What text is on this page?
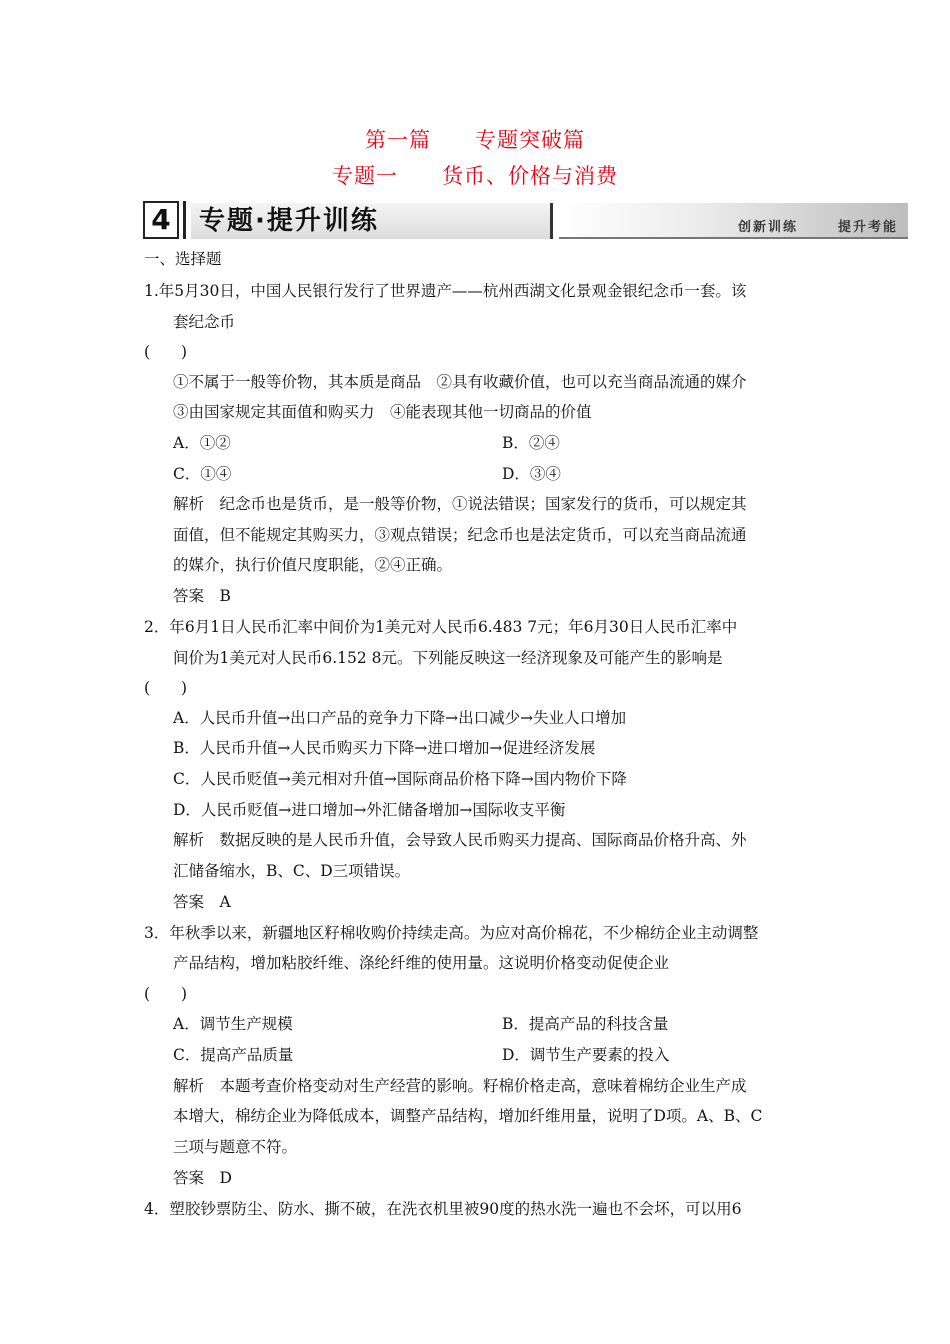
第一篇 专题突破篇
专题一 货币、价格与消费
4	专题·提升训练	创新训练	提升考能
一、选择题
1.年5月30日，中国人民银行发行了世界遗产——杭州西湖文化景观金银纪念币一套。该
套纪念币
(　　)
①不属于一般等价物，其本质是商品　②具有收藏价值，也可以充当商品流通的媒介
③由国家规定其面值和购买力　④能表现其他一切商品的价值
A．①②	B．②④
C．①④	D．③④
解析　纪念币也是货币，是一般等价物，①说法错误；国家发行的货币，可以规定其
面值，但不能规定其购买力，③观点错误；纪念币也是法定货币，可以充当商品流通
的媒介，执行价值尺度职能，②④正确。
答案　B
2．年6月1日人民币汇率中间价为1美元对人民币6.483 7元；年6月30日人民币汇率中
间价为1美元对人民币6.152 8元。下列能反映这一经济现象及可能产生的影响是
(　　)
A．人民币升值→出口产品的竞争力下降→出口减少→失业人口增加
B．人民币升值→人民币购买力下降→进口增加→促进经济发展
C．人民币贬值→美元相对升值→国际商品价格下降→国内物价下降
D．人民币贬值→进口增加→外汇储备增加→国际收支平衡
解析　数据反映的是人民币升值，会导致人民币购买力提高、国际商品价格升高、外
汇储备缩水，B、C、D三项错误。
答案　A
3．年秋季以来，新疆地区籽棉收购价持续走高。为应对高价棉花，不少棉纺企业主动调整
产品结构，增加粘胶纤维、涤纶纤维的使用量。这说明价格变动促使企业
(　　)
A．调节生产规模	B．提高产品的科技含量
C．提高产品质量	D．调节生产要素的投入
解析　本题考查价格变动对生产经营的影响。籽棉价格走高，意味着棉纺企业生产成
本增大，棉纺企业为降低成本，调整产品结构，增加纤维用量，说明了D项。A、B、C
三项与题意不符。
答案　D
4．塑胶钞票防尘、防水、撕不破，在洗衣机里被90度的热水洗一遍也不会坏，可以用6
